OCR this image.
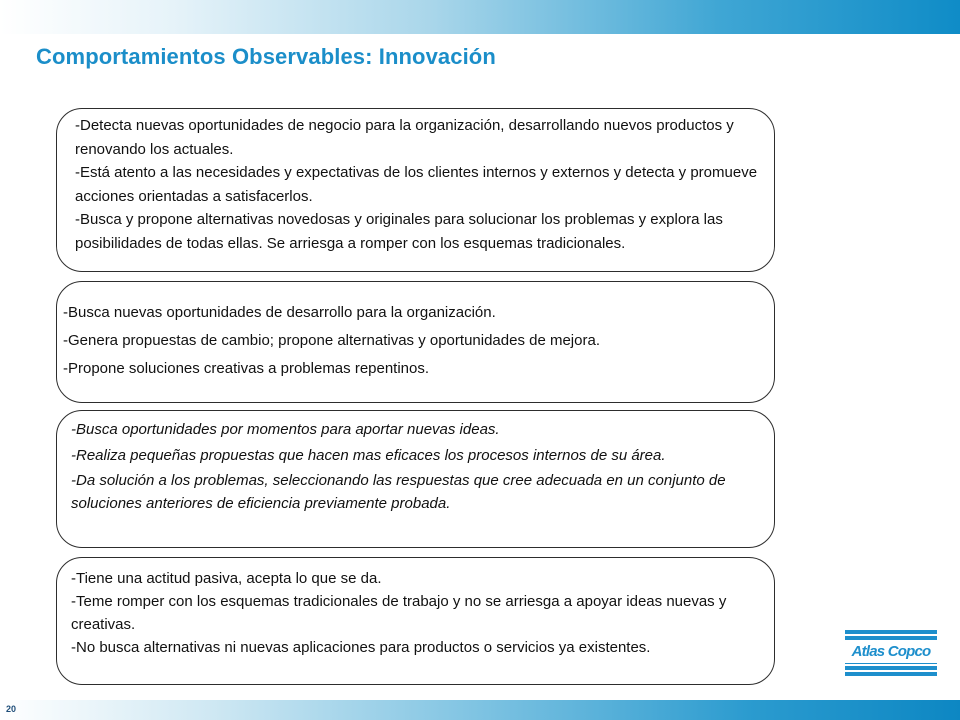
Comportamientos Observables: Innovación

-Detecta nuevas oportunidades de negocio para la organización, desarrollando nuevos productos y renovando los actuales.

-Está atento a las necesidades y expectativas de los clientes internos y externos y detecta y promueve acciones orientadas a satisfacerlos.

-Busca y propone alternativas novedosas y originales para solucionar los problemas y explora las posibilidades de todas ellas. Se arriesga a romper con los esquemas tradicionales.

-Busca nuevas oportunidades de desarrollo para la organización.

-Genera propuestas de cambio; propone alternativas y oportunidades de mejora.

-Propone soluciones creativas a problemas repentinos.

-Busca oportunidades por momentos para aportar nuevas ideas.

-Realiza pequeñas propuestas que hacen mas eficaces los procesos internos de su área.

-Da solución a los problemas, seleccionando las respuestas que cree adecuada en un conjunto de soluciones anteriores de eficiencia previamente probada.

-Tiene una actitud pasiva, acepta lo que se da.

-Teme romper con los esquemas tradicionales de trabajo y no se arriesga a apoyar ideas nuevas y creativas.

-No busca alternativas ni nuevas aplicaciones para productos o servicios ya existentes.	Atlas Copco
20
